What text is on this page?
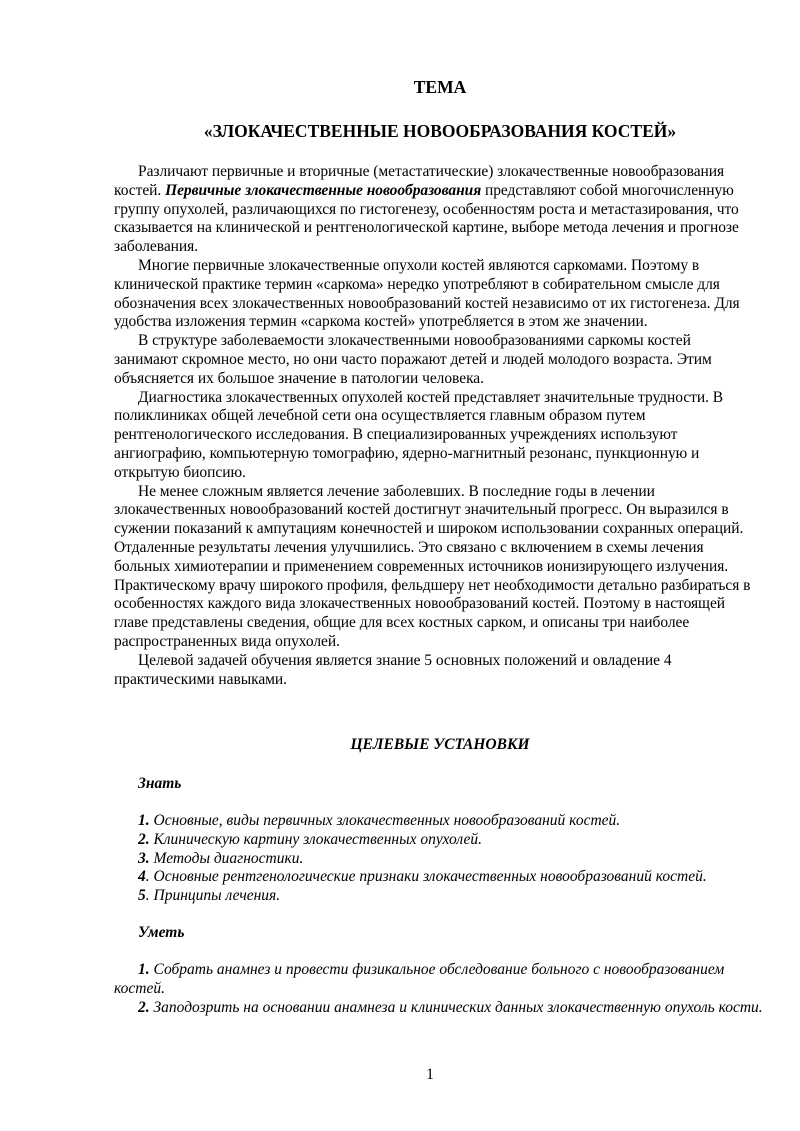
ТЕМА
«ЗЛОКАЧЕСТВЕННЫЕ НОВООБРАЗОВАНИЯ КОСТЕЙ»

Различают первичные и вторичные (метастатические) злокачественные новообразования костей. Первичные злокачественные новообразования представляют собой многочисленную группу опухолей, различающихся по гистогенезу, особенностям роста и метастазирования, что сказывается на клинической и рентгенологической картине, выборе метода лечения и прогнозе заболевания.

Многие первичные злокачественные опухоли костей являются саркомами. Поэтому в клинической практике термин «саркома» нередко употребляют в собирательном смысле для обозначения всех злокачественных новообразований костей независимо от их гистогенеза. Для удобства изложения термин «саркома костей» употребляется в этом же значении.

В структуре заболеваемости злокачественными новообразованиями саркомы костей занимают скромное место, но они часто поражают детей и людей молодого возраста. Этим объясняется их большое значение в патологии человека.

Диагностика злокачественных опухолей костей представляет значительные трудности. В поликлиниках общей лечебной сети она осуществляется главным образом путем рентгенологического исследования. В специализированных учреждениях используют ангиографию, компьютерную томографию, ядерно-магнитный резонанс, пункционную и открытую биопсию.

Не менее сложным является лечение заболевших. В последние годы в лечении злокачественных новообразований костей достигнут значительный прогресс. Он выразился в сужении показаний к ампутациям конечностей и широком использовании сохранных операций. Отдаленные результаты лечения улучшились. Это связано с включением в схемы лечения больных химиотерапии и применением современных источников ионизирующего излучения. Практическому врачу широкого профиля, фельдшеру нет необходимости детально разбираться в особенностях каждого вида злокачественных новообразований костей. Поэтому в настоящей главе представлены сведения, общие для всех костных сарком, и описаны три наиболее распространенных вида опухолей.

Целевой задачей обучения является знание 5 основных положений и овладение 4 практическими навыками.

ЦЕЛЕВЫЕ УСТАНОВКИ
Знать
1. Основные, виды первичных злокачественных новообразований костей.
2. Клиническую картину злокачественных опухолей.
3. Методы диагностики.
4. Основные рентгенологические признаки злокачественных новообразований костей.
5. Принципы лечения.
Уметь
1. Собрать анамнез и провести физикальное обследование больного с новообразованием костей.
2. Заподозрить на основании анамнеза и клинических данных злокачественную опухоль кости.
1
